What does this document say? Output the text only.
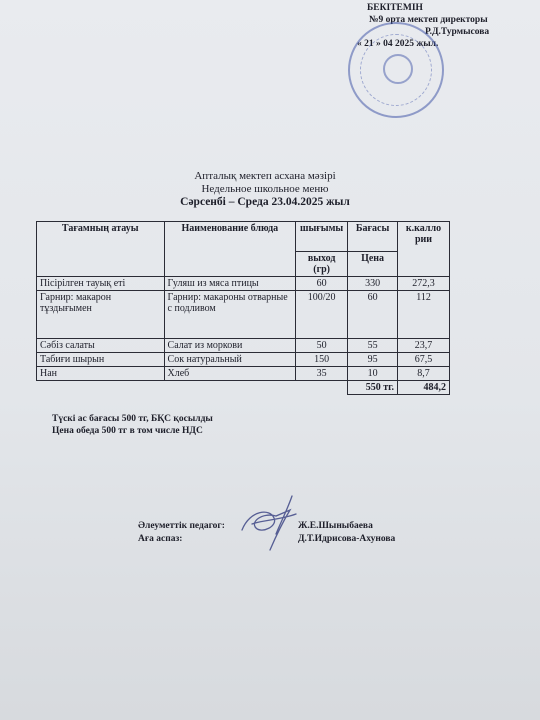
БЕКІТЕМІН
№9 орта мектеп директоры
Р.Д.Турмысова
« 21 » 04 2025 жыл.
Апталық мектеп асхана мәзірі
Недельное школьное меню
Сәрсенбі – Среда 23.04.2025 жыл
Тағамның атауы	Наименование блюда	шығымы	Бағасы	к.калло рии
		выход (гр)	Цена	
Пісірілген тауық еті	Гуляш из мяса птицы	60	330	272,3
Гарнир: макарон тұздығымен	Гарнир: макароны отварные с подливом	100/20	60	112
Сәбіз салаты	Салат из моркови	50	55	23,7
Табиғи шырын	Сок натуральный	150	95	67,5
Нан	Хлеб	35	10	8,7
			550 тг.	484,2
Түскі ас бағасы 500 тг, БҚС қосылды
Цена обеда 500 тг в том числе НДС
Әлеуметтік педагог:	Ж.Е.Шыныбаева
Аға аспаз:	Д.Т.Идрисова-Ахунова
